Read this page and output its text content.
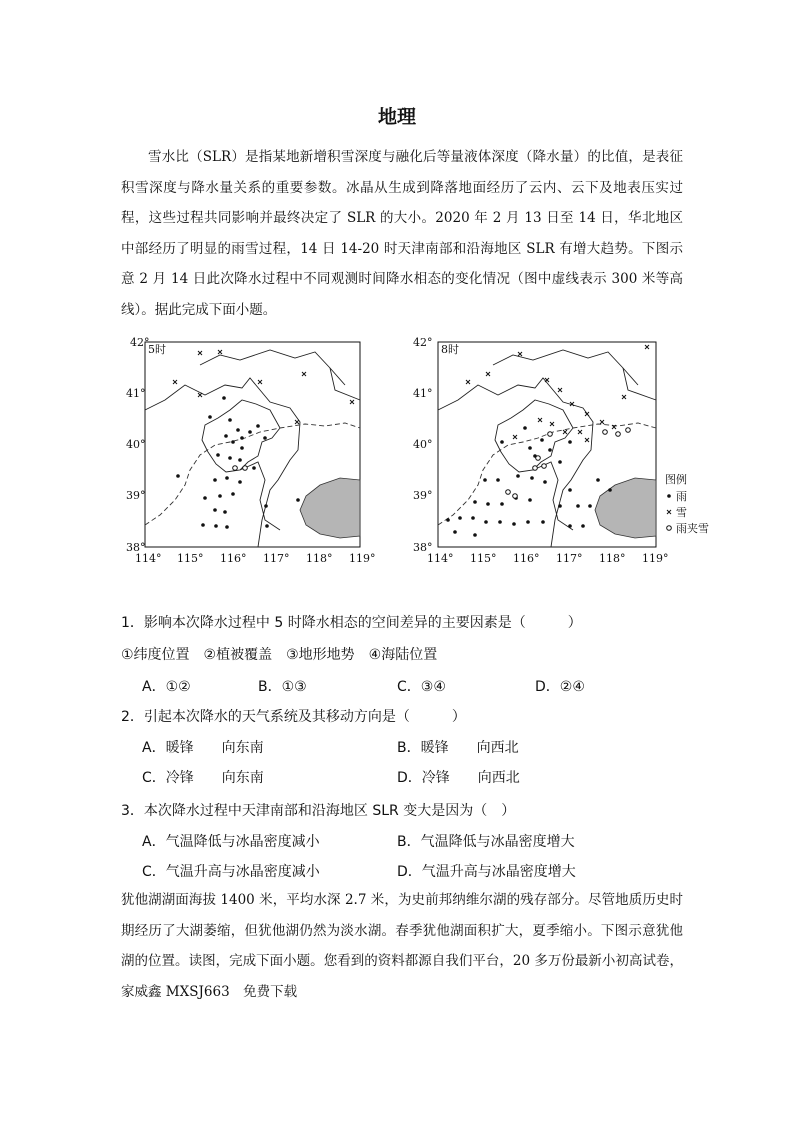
地理

雪水比（SLR）是指某地新增积雪深度与融化后等量液体深度（降水量）的比值，是表征积雪深度与降水量关系的重要参数。冰晶从生成到降落地面经历了云内、云下及地表压实过程，这些过程共同影响并最终决定了 SLR 的大小。2020 年 2 月 13 日至 14 日，华北地区中部经历了明显的雨雪过程，14 日 14-20 时天津南部和沿海地区 SLR 有增大趋势。下图示意 2 月 14 日此次降水过程中不同观测时间降水相态的变化情况（图中虚线表示 300 米等高线）。据此完成下面小题。

5时
42°
41°
40°
39°
38°
114° 115° 116° 117° 118° 119°
8时
42°
41°
40°
39°
38°
114° 115° 116° 117° 118° 119°
图例
雨
雪
雨夹雪
1．影响本次降水过程中 5 时降水相态的空间差异的主要因素是（　　　）
①纬度位置　②植被覆盖　③地形地势　④海陆位置
A．①②	B．①③	C．③④	D．②④
2．引起本次降水的天气系统及其移动方向是（　　　）
A．暖锋　　向东南	B．暖锋　　向西北
C．冷锋　　向东南	D．冷锋　　向西北
3．本次降水过程中天津南部和沿海地区 SLR 变大是因为（　）
A．气温降低与冰晶密度减小	B．气温降低与冰晶密度增大
C．气温升高与冰晶密度减小	D．气温升高与冰晶密度增大

犹他湖湖面海拔 1400 米，平均水深 2.7 米，为史前邦纳维尔湖的残存部分。尽管地质历史时期经历了大湖萎缩，但犹他湖仍然为淡水湖。春季犹他湖面积扩大，夏季缩小。下图示意犹他湖的位置。读图，完成下面小题。您看到的资料都源自我们平台，20 多万份最新小初高试卷，家威鑫 MXSJ663　免费下载
